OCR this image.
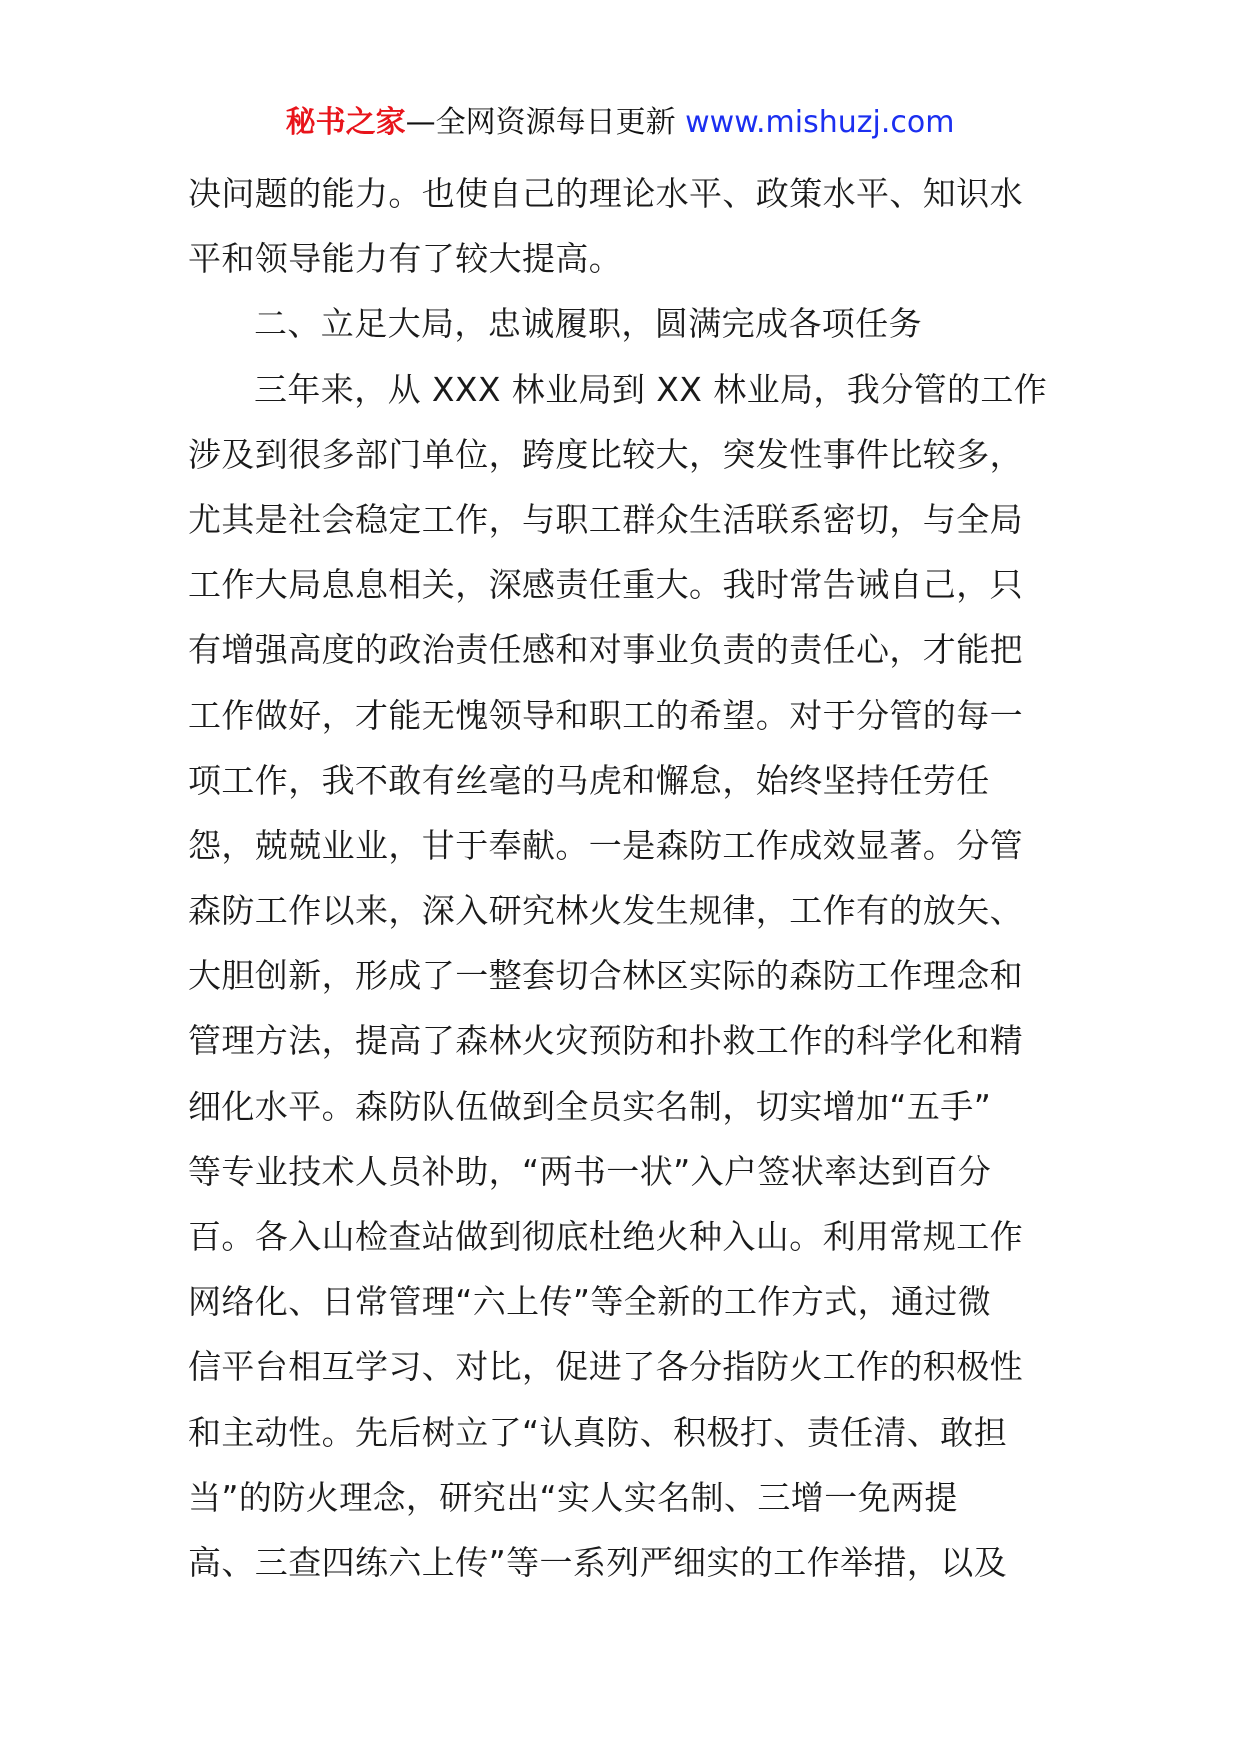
秘书之家—全网资源每日更新 www.mishuzj.com
决问题的能力。也使自己的理论水平、政策水平、知识水
平和领导能力有了较大提高。
二、立足大局，忠诚履职，圆满完成各项任务
三年来，从 XXX 林业局到 XX 林业局，我分管的工作
涉及到很多部门单位，跨度比较大，突发性事件比较多，
尤其是社会稳定工作，与职工群众生活联系密切，与全局
工作大局息息相关，深感责任重大。我时常告诫自己，只
有增强高度的政治责任感和对事业负责的责任心，才能把
工作做好，才能无愧领导和职工的希望。对于分管的每一
项工作，我不敢有丝毫的马虎和懈怠，始终坚持任劳任
怨，兢兢业业，甘于奉献。一是森防工作成效显著。分管
森防工作以来，深入研究林火发生规律，工作有的放矢、
大胆创新，形成了一整套切合林区实际的森防工作理念和
管理方法，提高了森林火灾预防和扑救工作的科学化和精
细化水平。森防队伍做到全员实名制，切实增加“五手”
等专业技术人员补助，“两书一状”入户签状率达到百分
百。各入山检查站做到彻底杜绝火种入山。利用常规工作
网络化、日常管理“六上传”等全新的工作方式，通过微
信平台相互学习、对比，促进了各分指防火工作的积极性
和主动性。先后树立了“认真防、积极打、责任清、敢担
当”的防火理念，研究出“实人实名制、三增一免两提
高、三查四练六上传”等一系列严细实的工作举措，以及
